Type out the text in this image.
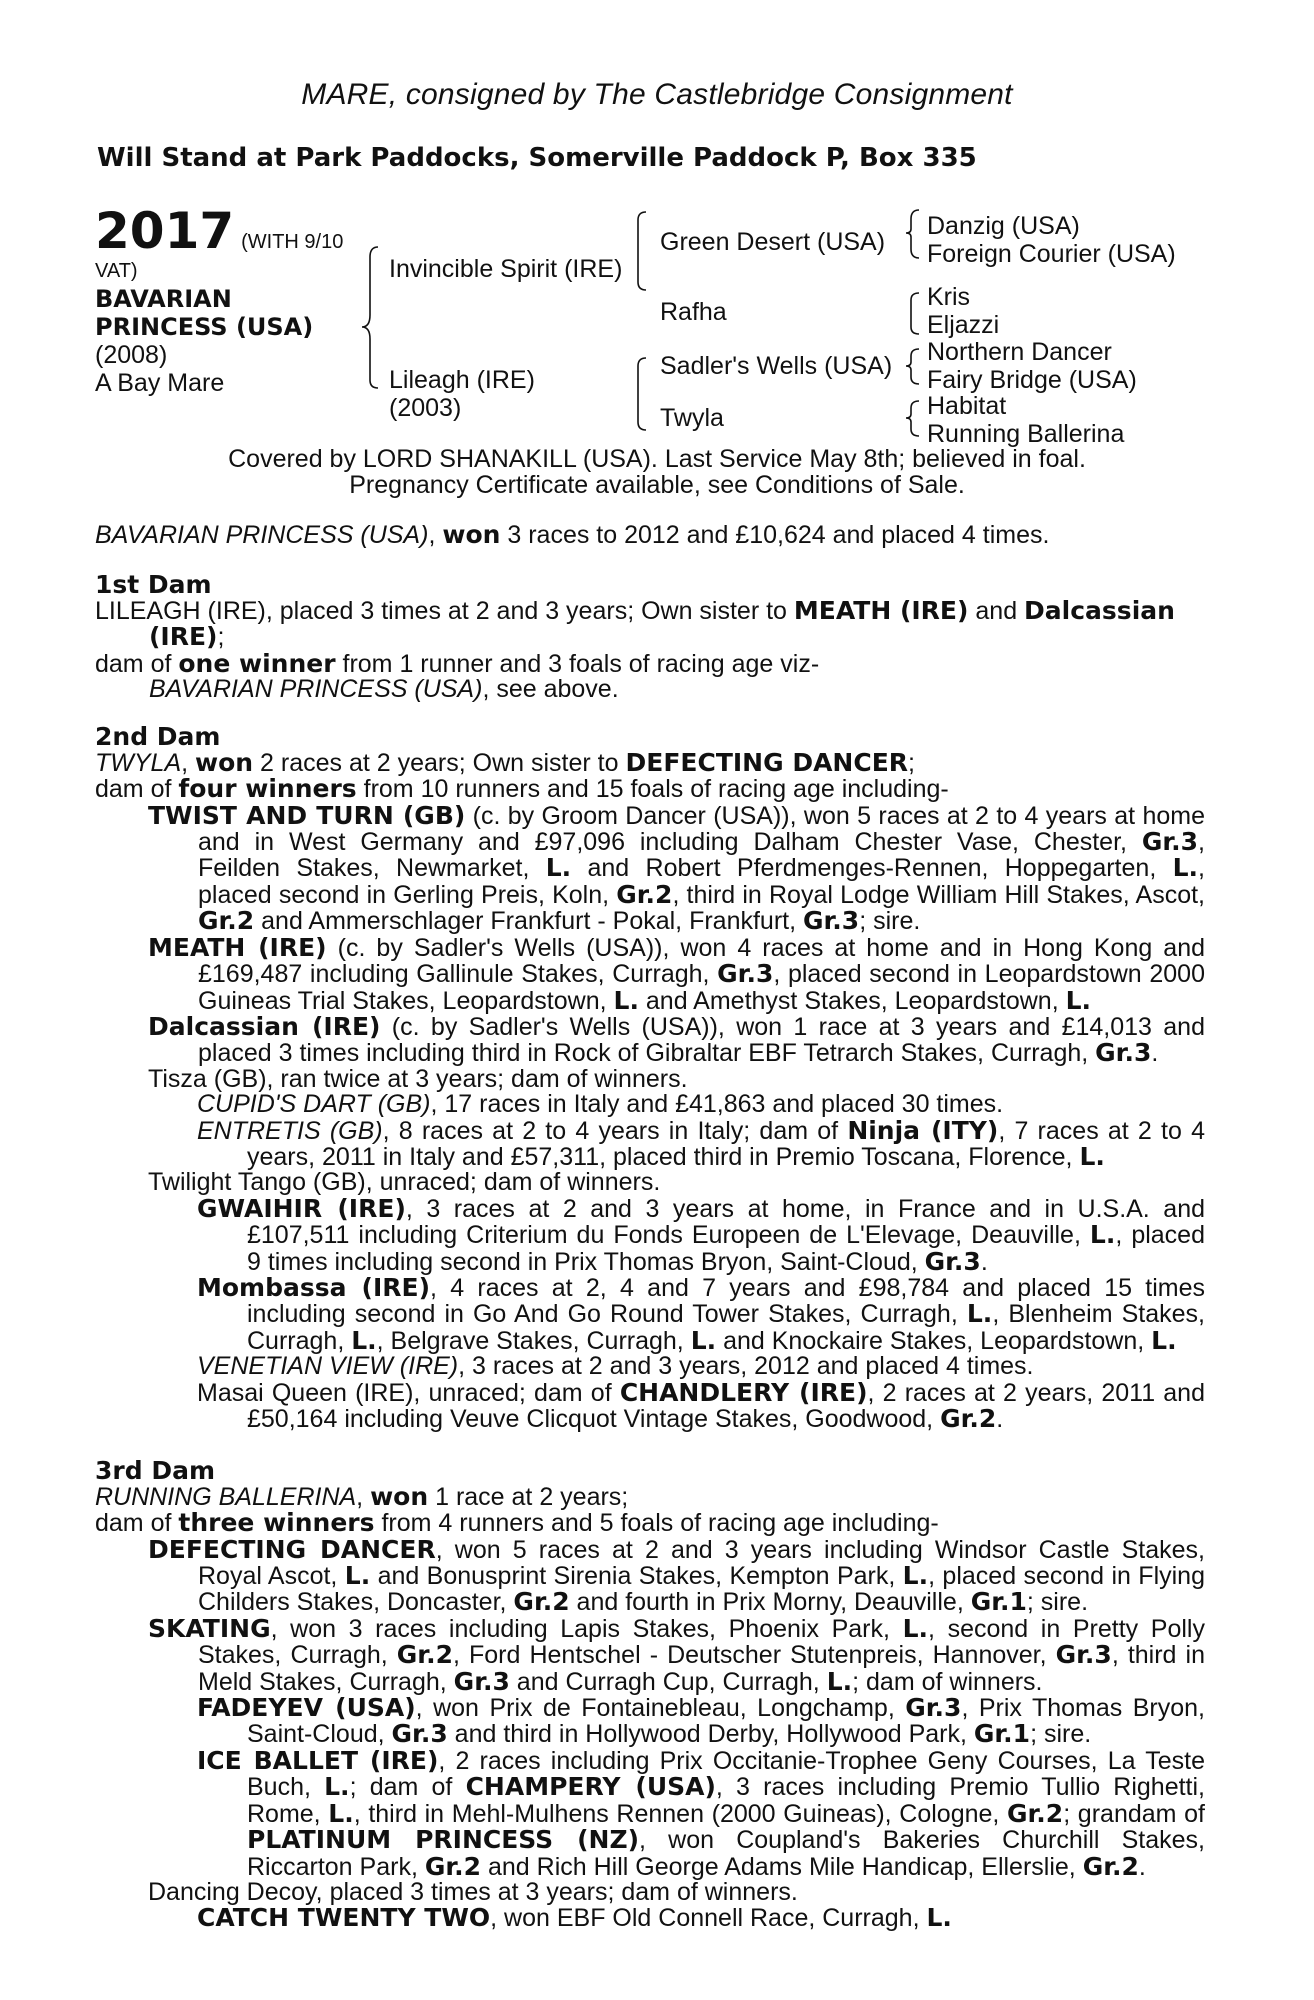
MARE, consigned by The Castlebridge Consignment
Will Stand at Park Paddocks, Somerville Paddock P, Box 335
2017 (WITH 9/10
VAT)
BAVARIAN
PRINCESS (USA)
(2008)
A Bay Mare
Invincible Spirit (IRE)
Lileagh (IRE)
(2003)
Green Desert (USA)
Rafha
Sadler's Wells (USA)
Twyla
Danzig (USA)
Foreign Courier (USA)
Kris
Eljazzi
Northern Dancer
Fairy Bridge (USA)
Habitat
Running Ballerina
Covered by LORD SHANAKILL (USA). Last Service May 8th; believed in foal.
Pregnancy Certificate available, see Conditions of Sale.

BAVARIAN PRINCESS (USA), won 3 races to 2012 and £10,624 and placed 4 times.

1st Dam

LILEAGH (IRE), placed 3 times at 2 and 3 years; Own sister to MEATH (IRE) and Dalcassian (IRE);

dam of one winner from 1 runner and 3 foals of racing age viz-

BAVARIAN PRINCESS (USA), see above.

2nd Dam

TWYLA, won 2 races at 2 years; Own sister to DEFECTING DANCER;

dam of four winners from 10 runners and 15 foals of racing age including-

TWIST AND TURN (GB) (c. by Groom Dancer (USA)), won 5 races at 2 to 4 years at home and in West Germany and £97,096 including Dalham Chester Vase, Chester, Gr.3, Feilden Stakes, Newmarket, L. and Robert Pferdmenges-Rennen, Hoppegarten, L., placed second in Gerling Preis, Koln, Gr.2, third in Royal Lodge William Hill Stakes, Ascot, Gr.2 and Ammerschlager Frankfurt - Pokal, Frankfurt, Gr.3; sire.

MEATH (IRE) (c. by Sadler's Wells (USA)), won 4 races at home and in Hong Kong and £169,487 including Gallinule Stakes, Curragh, Gr.3, placed second in Leopardstown 2000 Guineas Trial Stakes, Leopardstown, L. and Amethyst Stakes, Leopardstown, L.

Dalcassian (IRE) (c. by Sadler's Wells (USA)), won 1 race at 3 years and £14,013 and placed 3 times including third in Rock of Gibraltar EBF Tetrarch Stakes, Curragh, Gr.3.

Tisza (GB), ran twice at 3 years; dam of winners.

CUPID'S DART (GB), 17 races in Italy and £41,863 and placed 30 times.

ENTRETIS (GB), 8 races at 2 to 4 years in Italy; dam of Ninja (ITY), 7 races at 2 to 4 years, 2011 in Italy and £57,311, placed third in Premio Toscana, Florence, L.

Twilight Tango (GB), unraced; dam of winners.

GWAIHIR (IRE), 3 races at 2 and 3 years at home, in France and in U.S.A. and £107,511 including Criterium du Fonds Europeen de L'Elevage, Deauville, L., placed 9 times including second in Prix Thomas Bryon, Saint-Cloud, Gr.3.

Mombassa (IRE), 4 races at 2, 4 and 7 years and £98,784 and placed 15 times including second in Go And Go Round Tower Stakes, Curragh, L., Blenheim Stakes, Curragh, L., Belgrave Stakes, Curragh, L. and Knockaire Stakes, Leopardstown, L.

VENETIAN VIEW (IRE), 3 races at 2 and 3 years, 2012 and placed 4 times.

Masai Queen (IRE), unraced; dam of CHANDLERY (IRE), 2 races at 2 years, 2011 and £50,164 including Veuve Clicquot Vintage Stakes, Goodwood, Gr.2.

3rd Dam

RUNNING BALLERINA, won 1 race at 2 years;

dam of three winners from 4 runners and 5 foals of racing age including-

DEFECTING DANCER, won 5 races at 2 and 3 years including Windsor Castle Stakes, Royal Ascot, L. and Bonusprint Sirenia Stakes, Kempton Park, L., placed second in Flying Childers Stakes, Doncaster, Gr.2 and fourth in Prix Morny, Deauville, Gr.1; sire.

SKATING, won 3 races including Lapis Stakes, Phoenix Park, L., second in Pretty Polly Stakes, Curragh, Gr.2, Ford Hentschel - Deutscher Stutenpreis, Hannover, Gr.3, third in Meld Stakes, Curragh, Gr.3 and Curragh Cup, Curragh, L.; dam of winners.

FADEYEV (USA), won Prix de Fontainebleau, Longchamp, Gr.3, Prix Thomas Bryon, Saint-Cloud, Gr.3 and third in Hollywood Derby, Hollywood Park, Gr.1; sire.

ICE BALLET (IRE), 2 races including Prix Occitanie-Trophee Geny Courses, La Teste Buch, L.; dam of CHAMPERY (USA), 3 races including Premio Tullio Righetti, Rome, L., third in Mehl-Mulhens Rennen (2000 Guineas), Cologne, Gr.2; grandam of PLATINUM PRINCESS (NZ), won Coupland's Bakeries Churchill Stakes, Riccarton Park, Gr.2 and Rich Hill George Adams Mile Handicap, Ellerslie, Gr.2.

Dancing Decoy, placed 3 times at 3 years; dam of winners.

CATCH TWENTY TWO, won EBF Old Connell Race, Curragh, L.
